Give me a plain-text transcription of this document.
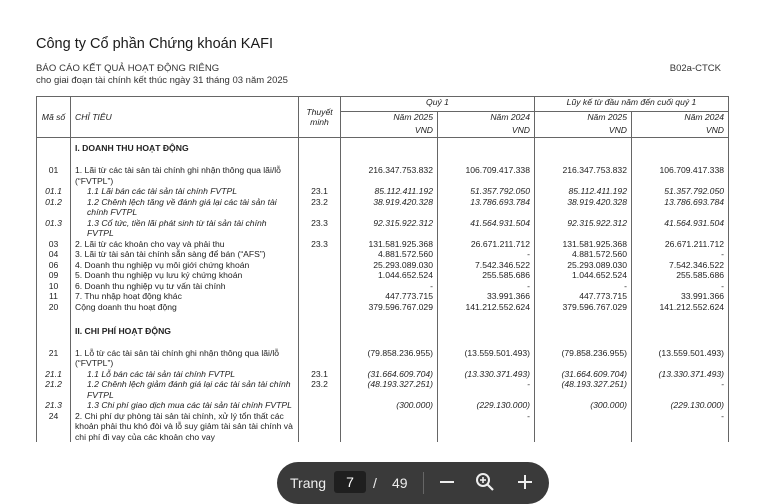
Công ty Cổ phần Chứng khoán KAFI
BÁO CÁO KẾT QUẢ HOẠT ĐỘNG RIÊNG
cho giai đoạn tài chính kết thúc ngày 31 tháng 03 năm 2025
B02a-CTCK
Mã số	CHỈ TIÊU	Thuyết minh	Quý 1		Lũy kế từ đầu năm đến cuối quý 1	
			Năm 2025	Năm 2024	Năm 2025	Năm 2024
			VND	VND	VND	VND

	I. DOANH THU HOẠT ĐỘNG					

01	1. Lãi từ các tài sản tài chính ghi nhận thông qua lãi/lỗ (“FVTPL”)		216.347.753.832	106.709.417.338	216.347.753.832	106.709.417.338
01.1	1.1 Lãi bán các tài sản tài chính FVTPL	23.1	85.112.411.192	51.357.792.050	85.112.411.192	51.357.792.050
01.2	1.2 Chênh lệch tăng về đánh giá lại các tài sản tài chính FVTPL	23.2	38.919.420.328	13.786.693.784	38.919.420.328	13.786.693.784
01.3	1.3 Cổ tức, tiền lãi phát sinh từ tài sản tài chính FVTPL	23.3	92.315.922.312	41.564.931.504	92.315.922.312	41.564.931.504
03	2. Lãi từ các khoản cho vay và phải thu	23.3	131.581.925.368	26.671.211.712	131.581.925.368	26.671.211.712
04	3. Lãi từ tài sản tài chính sẵn sàng để bán (“AFS”)		4.881.572.560	-	4.881.572.560	-
06	4. Doanh thu nghiệp vụ môi giới chứng khoán		25.293.089.030	7.542.346.522	25.293.089.030	7.542.346.522
09	5. Doanh thu nghiệp vụ lưu ký chứng khoán		1.044.652.524	255.585.686	1.044.652.524	255.585.686
10	6. Doanh thu nghiệp vụ tư vấn tài chính		-	-	-	-
11	7. Thu nhập hoạt động khác		447.773.715	33.991.366	447.773.715	33.991.366
20	Cộng doanh thu hoạt động		379.596.767.029	141.212.552.624	379.596.767.029	141.212.552.624

	II. CHI PHÍ HOẠT ĐỘNG					

21	1. Lỗ từ các tài sản tài chính ghi nhận thông qua lãi/lỗ (“FVTPL”)		(79.858.236.955)	(13.559.501.493)	(79.858.236.955)	(13.559.501.493)
21.1	1.1 Lỗ bán các tài sản tài chính FVTPL	23.1	(31.664.609.704)	(13.330.371.493)	(31.664.609.704)	(13.330.371.493)
21.2	1.2 Chênh lệch giảm đánh giá lại các tài sản tài chính FVTPL	23.2	(48.193.327.251)	-	(48.193.327.251)	-
21.3	1.3 Chi phí giao dịch mua các tài sản tài chính FVTPL		(300.000)	(229.130.000)	(300.000)	(229.130.000)
24	2. Chi phí dự phòng tài sản tài chính, xử lý tổn thất các khoản phải thu khó đòi và lỗ suy giảm tài sản tài chính và chi phí đi vay của các khoản cho vay			-		-
Trang	7	/ 49
